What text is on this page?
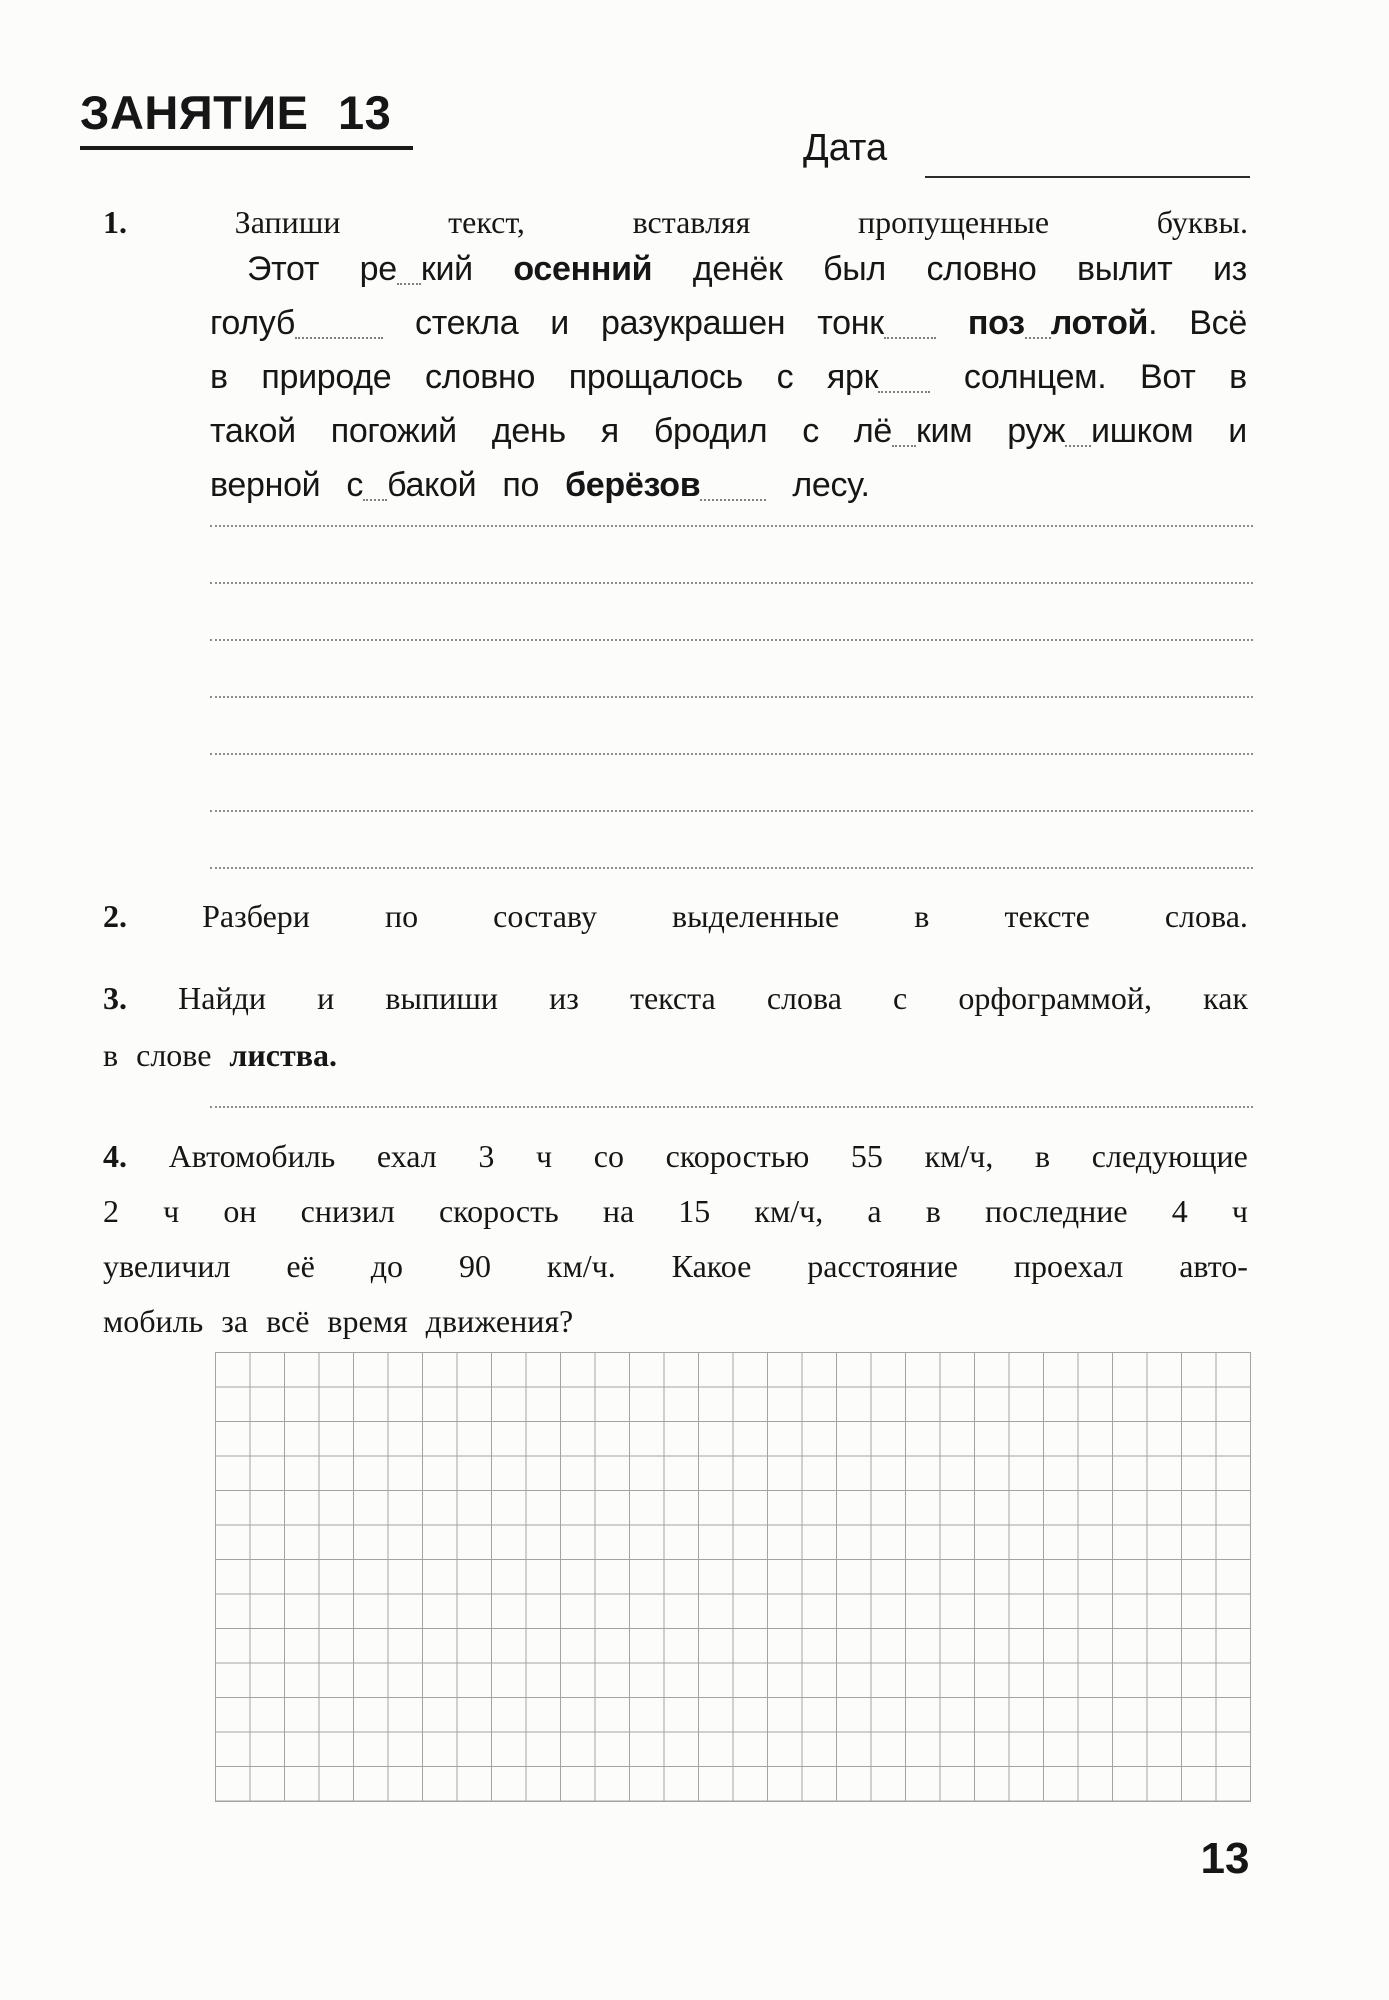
ЗАНЯТИЕ 13
Дата
1.	Запиши	текст,	вставляя	пропущенные	буквы.
Этот ре кий осенний денёк был словно вылит из
голуб	стекла и разукрашен тонк поз лотой . Всё
в природе словно прощалось с ярк	солнцем. Вот в
такой погожий день я бродил с лё ким руж ишком и
верной с бакой по берёзов	лесу.
2. Разбери по составу выделенные в тексте слова.
3. Найди и выпиши из текста слова с орфограммой, как
в слове листва.
4. Автомобиль ехал 3 ч со скоростью 55 км/ч, в следующие
2 ч он снизил скорость на 15 км/ч, а в последние 4 ч
увеличил её до 90 км/ч. Какое расстояние проехал авто-
мобиль за всё время движения?
13
